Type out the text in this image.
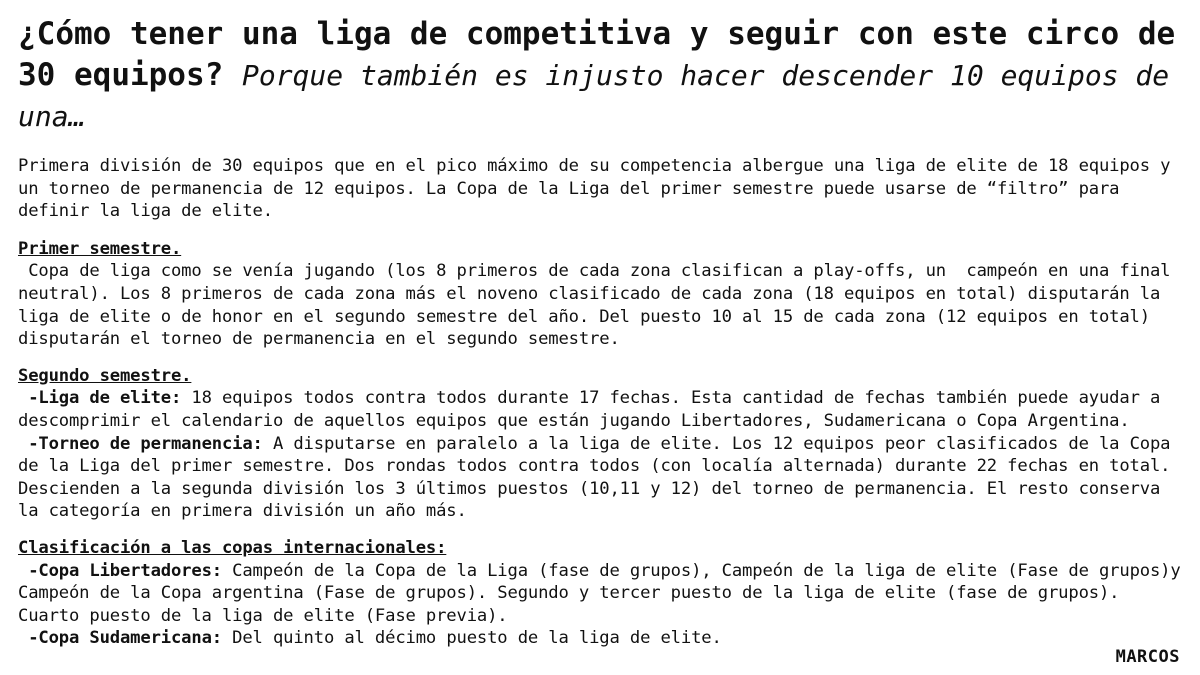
¿Cómo tener una liga de competitiva y seguir con este circo de 30 equipos? Porque también es injusto hacer descender 10 equipos de una…

Primera división de 30 equipos que en el pico máximo de su competencia albergue una liga de elite de 18 equipos y un torneo de permanencia de 12 equipos. La Copa de la Liga del primer semestre puede usarse de “filtro” para definir la liga de elite.

Primer semestre.

Copa de liga como se venía jugando (los 8 primeros de cada zona clasifican a play-offs, un  campeón en una final neutral). Los 8 primeros de cada zona más el noveno clasificado de cada zona (18 equipos en total) disputarán la liga de elite o de honor en el segundo semestre del año. Del puesto 10 al 15 de cada zona (12 equipos en total) disputarán el torneo de permanencia en el segundo semestre.

Segundo semestre.

-Liga de elite: 18 equipos todos contra todos durante 17 fechas. Esta cantidad de fechas también puede ayudar a descomprimir el calendario de aquellos equipos que están jugando Libertadores, Sudamericana o Copa Argentina.

-Torneo de permanencia: A disputarse en paralelo a la liga de elite. Los 12 equipos peor clasificados de la Copa de la Liga del primer semestre. Dos rondas todos contra todos (con localía alternada) durante 22 fechas en total. Descienden a la segunda división los 3 últimos puestos (10,11 y 12) del torneo de permanencia. El resto conserva la categoría en primera división un año más.

Clasificación a las copas internacionales:

-Copa Libertadores: Campeón de la Copa de la Liga (fase de grupos), Campeón de la liga de elite (Fase de grupos)y Campeón de la Copa argentina (Fase de grupos). Segundo y tercer puesto de la liga de elite (fase de grupos). Cuarto puesto de la liga de elite (Fase previa).

-Copa Sudamericana: Del quinto al décimo puesto de la liga de elite.

MARCOS
